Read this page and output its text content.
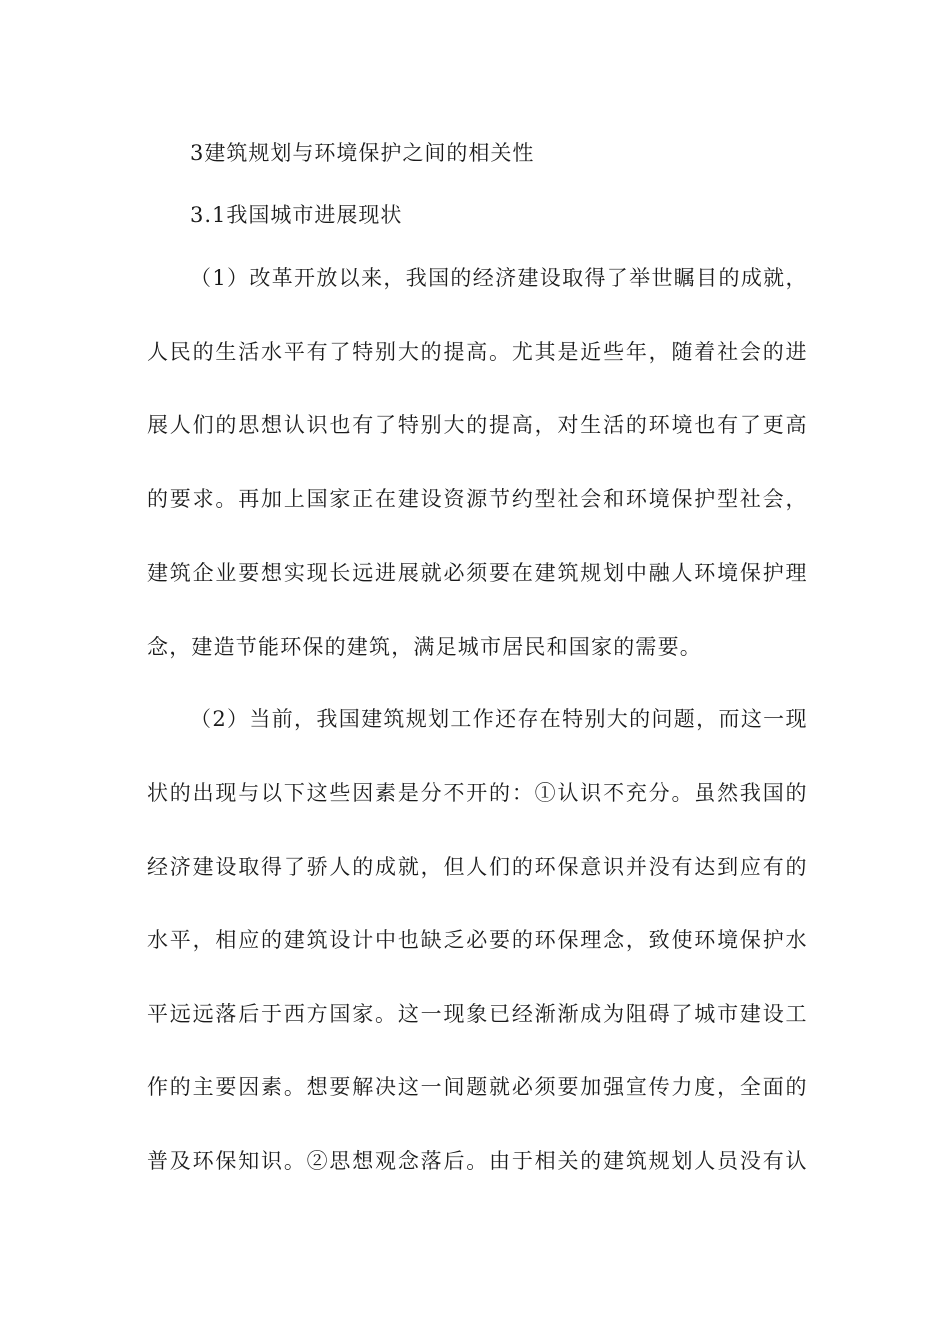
3建筑规划与环境保护之间的相关性
3.1我国城市进展现状
（1）改革开放以来，我国的经济建设取得了举世瞩目的成就，
人民的生活水平有了特别大的提高。尤其是近些年，随着社会的进
展人们的思想认识也有了特别大的提高，对生活的环境也有了更高
的要求。再加上国家正在建设资源节约型社会和环境保护型社会，
建筑企业要想实现长远进展就必须要在建筑规划中融人环境保护理
念，建造节能环保的建筑，满足城市居民和国家的需要。
（2）当前，我国建筑规划工作还存在特别大的问题，而这一现
状的出现与以下这些因素是分不开的：①认识不充分。虽然我国的
经济建设取得了骄人的成就，但人们的环保意识并没有达到应有的
水平，相应的建筑设计中也缺乏必要的环保理念，致使环境保护水
平远远落后于西方国家。这一现象已经渐渐成为阻碍了城市建设工
作的主要因素。想要解决这一间题就必须要加强宣传力度，全面的
普及环保知识。②思想观念落后。由于相关的建筑规划人员没有认
